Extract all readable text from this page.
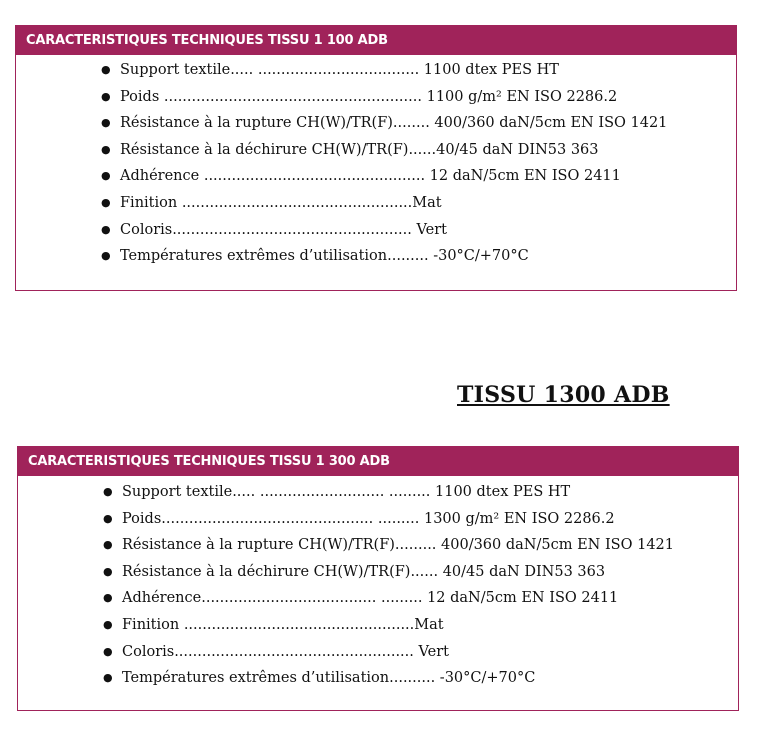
CARACTERISTIQUES TECHNIQUES TISSU 1 100 ADB
● Support textile..... ................................... 1100 dtex PES HT
● Poids ........................................................ 1100 g/m² EN ISO 2286.2
● Résistance à la rupture CH(W)/TR(F)........ 400/360 daN/5cm EN ISO 1421
● Résistance à la déchirure CH(W)/TR(F)......40/45 daN DIN53 363
● Adhérence ................................................ 12 daN/5cm EN ISO 2411
● Finition ..................................................Mat
● Coloris.................................................... Vert
● Températures extrêmes d’utilisation......... -30°C/+70°C
TISSU 1300 ADB
CARACTERISTIQUES TECHNIQUES TISSU 1 300 ADB
● Support textile..... ........................... ......... 1100 dtex PES HT
● Poids.............................................. ......... 1300 g/m² EN ISO 2286.2
● Résistance à la rupture CH(W)/TR(F)......... 400/360 daN/5cm EN ISO 1421
● Résistance à la déchirure CH(W)/TR(F)...... 40/45 daN DIN53 363
● Adhérence...................................... ......... 12 daN/5cm EN ISO 2411
● Finition ..................................................Mat
● Coloris.................................................... Vert
● Températures extrêmes d’utilisation.......... -30°C/+70°C
